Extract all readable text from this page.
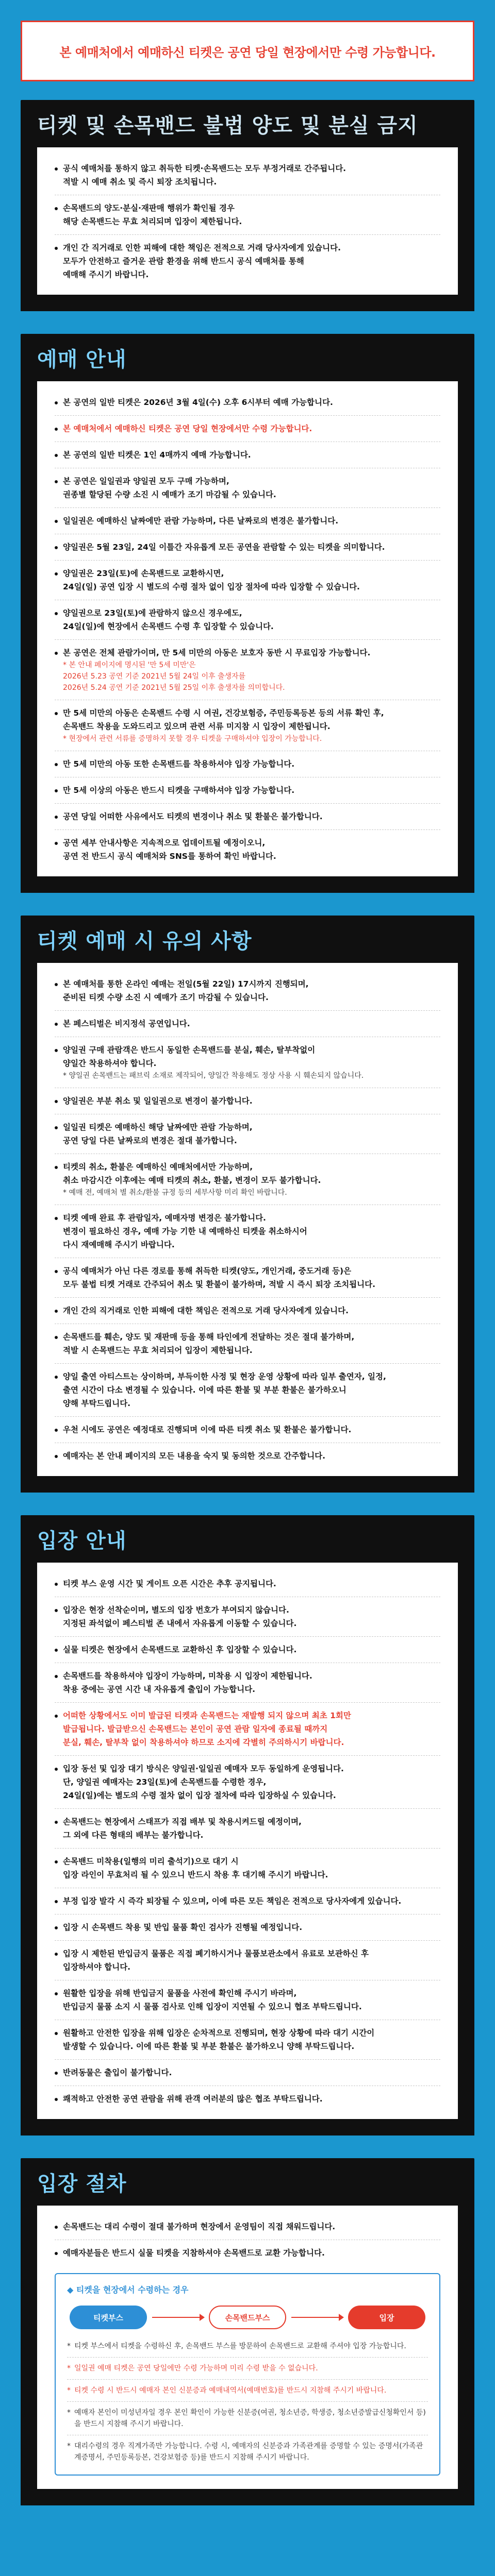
본 예매처에서 예매하신 티켓은 공연 당일 현장에서만 수령 가능합니다.
티켓 및 손목밴드 불법 양도 및 분실 금지
공식 예매처를 통하지 않고 취득한 티켓·손목밴드는 모두 부정거래로 간주됩니다.
적발 시 예매 취소 및 즉시 퇴장 조치됩니다.
손목밴드의 양도·분실·재판매 행위가 확인될 경우
해당 손목밴드는 무효 처리되며 입장이 제한됩니다.
개인 간 직거래로 인한 피해에 대한 책임은 전적으로 거래 당사자에게 있습니다.
모두가 안전하고 즐거운 관람 환경을 위해 반드시 공식 예매처를 통해
예매해 주시기 바랍니다.
예매 안내
본 공연의 일반 티켓은 2026년 3월 4일(수) 오후 6시부터 예매 가능합니다.
본 예매처에서 예매하신 티켓은 공연 당일 현장에서만 수령 가능합니다.
본 공연의 일반 티켓은 1인 4매까지 예매 가능합니다.
본 공연은 일일권과 양일권 모두 구매 가능하며,
권종별 할당된 수량 소진 시 예매가 조기 마감될 수 있습니다.
일일권은 예매하신 날짜에만 관람 가능하며, 다른 날짜로의 변경은 불가합니다.
양일권은 5월 23일, 24일 이틀간 자유롭게 모든 공연을 관람할 수 있는 티켓을 의미합니다.
양일권은 23일(토)에 손목밴드로 교환하시면,
24일(일) 공연 입장 시 별도의 수령 절차 없이 입장 절차에 따라 입장할 수 있습니다.
양일권으로 23일(토)에 관람하지 않으신 경우에도,
24일(일)에 현장에서 손목밴드 수령 후 입장할 수 있습니다.
본 공연은 전체 관람가이며, 만 5세 미만의 아동은 보호자 동반 시 무료입장 가능합니다.
* 본 안내 페이지에 명시된 '만 5세 미만'은
2026년 5.23 공연 기준 2021년 5월 24일 이후 출생자를
2026년 5.24 공연 기준 2021년 5월 25일 이후 출생자를 의미합니다.
만 5세 미만의 아동은 손목밴드 수령 시 여권, 건강보험증, 주민등록등본 등의 서류 확인 후,
손목밴드 착용을 도와드리고 있으며 관련 서류 미지참 시 입장이 제한됩니다.
* 현장에서 관련 서류를 증명하지 못할 경우 티켓을 구매하셔야 입장이 가능합니다.
만 5세 미만의 아동 또한 손목밴드를 착용하셔야 입장 가능합니다.
만 5세 이상의 아동은 반드시 티켓을 구매하셔야 입장 가능합니다.
공연 당일 어떠한 사유에서도 티켓의 변경이나 취소 및 환불은 불가합니다.
공연 세부 안내사항은 지속적으로 업데이트될 예정이오니,
공연 전 반드시 공식 예매처와 SNS를 통하여 확인 바랍니다.
티켓 예매 시 유의 사항
본 예매처를 통한 온라인 예매는 전일(5월 22일) 17시까지 진행되며,
준비된 티켓 수량 소진 시 예매가 조기 마감될 수 있습니다.
본 페스티벌은 비지정석 공연입니다.
양일권 구매 관람객은 반드시 동일한 손목밴드를 분실, 훼손, 탈부착없이
양일간 착용하셔야 합니다.
* 양일권 손목밴드는 패브릭 소재로 제작되어, 양일간 착용해도 정상 사용 시 훼손되지 않습니다.
양일권은 부분 취소 및 일일권으로 변경이 불가합니다.
일일권 티켓은 예매하신 해당 날짜에만 관람 가능하며,
공연 당일 다른 날짜로의 변경은 절대 불가합니다.
티켓의 취소, 환불은 예매하신 예매처에서만 가능하며,
취소 마감시간 이후에는 예매 티켓의 취소, 환불, 변경이 모두 불가합니다.
* 예매 전, 예매처 별 취소/환불 규정 등의 세부사항 미리 확인 바랍니다.
티켓 예매 완료 후 관람일자, 예매자명 변경은 불가합니다.
변경이 필요하신 경우, 예매 가능 기한 내 예매하신 티켓을 취소하시어
다시 재예매해 주시기 바랍니다.
공식 예매처가 아닌 다른 경로를 통해 취득한 티켓(양도, 개인거래, 중도거래 등)은
모두 불법 티켓 거래로 간주되어 취소 및 환불이 불가하며, 적발 시 즉시 퇴장 조치됩니다.
개인 간의 직거래로 인한 피해에 대한 책임은 전적으로 거래 당사자에게 있습니다.
손목밴드를 훼손, 양도 및 재판매 등을 통해 타인에게 전달하는 것은 절대 불가하며,
적발 시 손목밴드는 무효 처리되어 입장이 제한됩니다.
양일 출연 아티스트는 상이하며, 부득이한 사정 및 현장 운영 상황에 따라 일부 출연자, 일정,
출연 시간이 다소 변경될 수 있습니다. 이에 따른 환불 및 부분 환불은 불가하오니
양해 부탁드립니다.
우천 시에도 공연은 예정대로 진행되며 이에 따른 티켓 취소 및 환불은 불가합니다.
예매자는 본 안내 페이지의 모든 내용을 숙지 및 동의한 것으로 간주합니다.
입장 안내
티켓 부스 운영 시간 및 게이트 오픈 시간은 추후 공지됩니다.
입장은 현장 선착순이며, 별도의 입장 번호가 부여되지 않습니다.
지정된 좌석없이 페스티벌 존 내에서 자유롭게 이동할 수 있습니다.
실물 티켓은 현장에서 손목밴드로 교환하신 후 입장할 수 있습니다.
손목밴드를 착용하셔야 입장이 가능하며, 미착용 시 입장이 제한됩니다.
착용 중에는 공연 시간 내 자유롭게 출입이 가능합니다.
어떠한 상황에서도 이미 발급된 티켓과 손목밴드는 재발행 되지 않으며 최초 1회만
발급됩니다. 발급받으신 손목밴드는 본인이 공연 관람 일자에 종료될 때까지
분실, 훼손, 탈부착 없이 착용하셔야 하므로 소지에 각별히 주의하시기 바랍니다.
입장 동선 및 입장 대기 방식은 양일권·일일권 예매자 모두 동일하게 운영됩니다.
단, 양일권 예매자는 23일(토)에 손목밴드를 수령한 경우,
24일(일)에는 별도의 수령 절차 없이 입장 절차에 따라 입장하실 수 있습니다.
손목밴드는 현장에서 스태프가 직접 배부 및 착용시켜드릴 예정이며,
그 외에 다른 형태의 배부는 불가합니다.
손목밴드 미착용(일행의 미리 출석기)으로 대기 시
입장 라인이 무효처리 될 수 있으니 반드시 착용 후 대기해 주시기 바랍니다.
부정 입장 발각 시 즉각 퇴장될 수 있으며, 이에 따른 모든 책임은 전적으로 당사자에게 있습니다.
입장 시 손목밴드 착용 및 반입 물품 확인 검사가 진행될 예정입니다.
입장 시 제한된 반입금지 물품은 직접 폐기하시거나 물품보관소에서 유료로 보관하신 후
입장하셔야 합니다.
원활한 입장을 위해 반입금지 물품을 사전에 확인해 주시기 바라며,
반입금지 물품 소지 시 물품 검사로 인해 입장이 지연될 수 있으니 협조 부탁드립니다.
원활하고 안전한 입장을 위해 입장은 순차적으로 진행되며, 현장 상황에 따라 대기 시간이
발생할 수 있습니다. 이에 따른 환불 및 부분 환불은 불가하오니 양해 부탁드립니다.
반려동물은 출입이 불가합니다.
쾌적하고 안전한 공연 관람을 위해 관객 여러분의 많은 협조 부탁드립니다.
입장 절차
손목밴드는 대리 수령이 절대 불가하며 현장에서 운영팀이 직접 채워드립니다.
예매자분들은 반드시 실물 티켓을 지참하셔야 손목밴드로 교환 가능합니다.
◆ 티켓을 현장에서 수령하는 경우
티켓부스	손목밴드부스	입장
* 티켓 부스에서 티켓을 수령하신 후, 손목밴드 부스를 방문하여 손목밴드로 교환해 주셔야 입장 가능합니다.
* 일일권 예매 티켓은 공연 당일에만 수령 가능하며 미리 수령 받을 수 없습니다.
* 티켓 수령 시 반드시 예매자 본인 신분증과 예매내역서(예매번호)를 반드시 지참해 주시기 바랍니다.
* 예매자 본인이 미성년자일 경우 본인 확인이 가능한 신분증(여권, 청소년증, 학생증, 청소년증발급신청확인서 등)을 반드시 지참해 주시기 바랍니다.
* 대리수령의 경우 직계가족만 가능합니다. 수령 시, 예매자의 신분증과 가족관계를 증명할 수 있는 증명서(가족관계증명서, 주민등록등본, 건강보험증 등)를 반드시 지참해 주시기 바랍니다.
